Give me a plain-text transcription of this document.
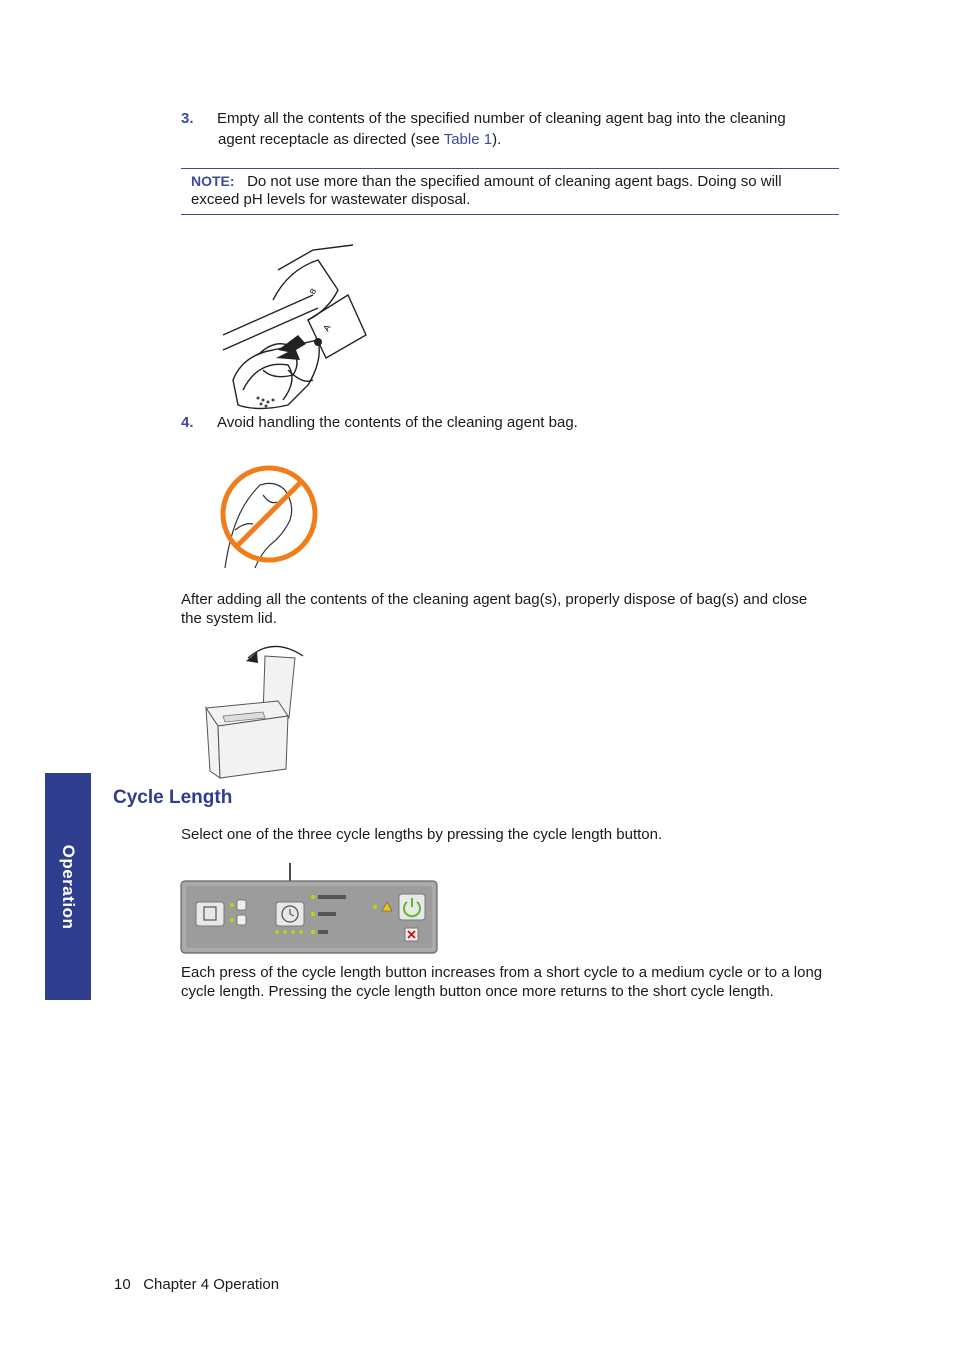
3. Empty all the contents of the specified number of cleaning agent bag into the cleaning
agent receptacle as directed (see Table 1).
NOTE: Do not use more than the specified amount of cleaning agent bags. Doing so will
exceed pH levels for wastewater disposal.
A
B
4. Avoid handling the contents of the cleaning agent bag.
After adding all the contents of the cleaning agent bag(s), properly dispose of bag(s) and close
the system lid.
Operation
Cycle Length
Select one of the three cycle lengths by pressing the cycle length button.
Each press of the cycle length button increases from a short cycle to a medium cycle or to a long
cycle length. Pressing the cycle length button once more returns to the short cycle length.
10 Chapter 4 Operation
